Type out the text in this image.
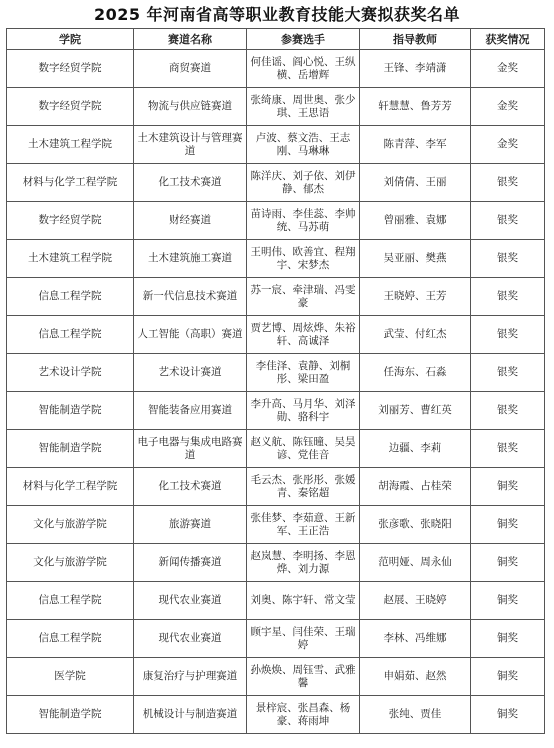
2025 年河南省高等职业教育技能大赛拟获奖名单
学院	赛道名称	参赛选手	指导教师	获奖情况
数字经贸学院	商贸赛道	何佳谣、阎心悦、王纵横、岳增辉	王锋、李靖潇	金奖
数字经贸学院	物流与供应链赛道	张绮康、周世奥、张少琪、王思语	轩慧慧、鲁芳芳	金奖
土木建筑工程学院	土木建筑设计与管理赛道	卢波、蔡文浩、王志刚、马琳琳	陈青萍、李军	金奖
材料与化学工程学院	化工技术赛道	陈洋庆、刘子依、刘伊静、郁杰	刘倩倩、王丽	银奖
数字经贸学院	财经赛道	苗诗雨、李佳蕊、李帅统、马苏萌	曾丽雅、袁娜	银奖
土木建筑工程学院	土木建筑施工赛道	王明伟、欧善宜、程翔宇、宋梦杰	吴亚丽、樊燕	银奖
信息工程学院	新一代信息技术赛道	苏一宸、牵津瑞、冯雯豪	王晓婷、王芳	银奖
信息工程学院	人工智能（高职）赛道	贾艺博、周炫烨、朱裕轩、高诚泽	武莹、付红杰	银奖
艺术设计学院	艺术设计赛道	李佳泽、袁静、刘桐彤、梁田盈	任海东、石淼	银奖
智能制造学院	智能装备应用赛道	李升高、马月华、刘泽勋、骆科宇	刘丽芳、曹红英	银奖
智能制造学院	电子电器与集成电路赛道	赵义航、陈钰曈、吴昊谚、党佳音	边疆、李莉	银奖
材料与化学工程学院	化工技术赛道	毛云杰、张彤彤、张媛青、秦铭超	胡海霞、占桂荣	铜奖
文化与旅游学院	旅游赛道	张佳梦、李茹意、王新军、王正浩	张彦歌、张晓阳	铜奖
文化与旅游学院	新闻传播赛道	赵岚慧、李明扬、李恩烨、刘力源	范明娅、周永仙	铜奖
信息工程学院	现代农业赛道	刘奥、陈宇轩、常文莹	赵展、王晓婷	铜奖
信息工程学院	现代农业赛道	顾宇星、闫佳荣、王瑞婷	李林、冯维娜	铜奖
医学院	康复治疗与护理赛道	孙焕焕、周钰雪、武雅馨	申娟茹、赵然	铜奖
智能制造学院	机械设计与制造赛道	景梓宸、张昌森、杨豪、蒋雨坤	张纯、贾佳	铜奖
